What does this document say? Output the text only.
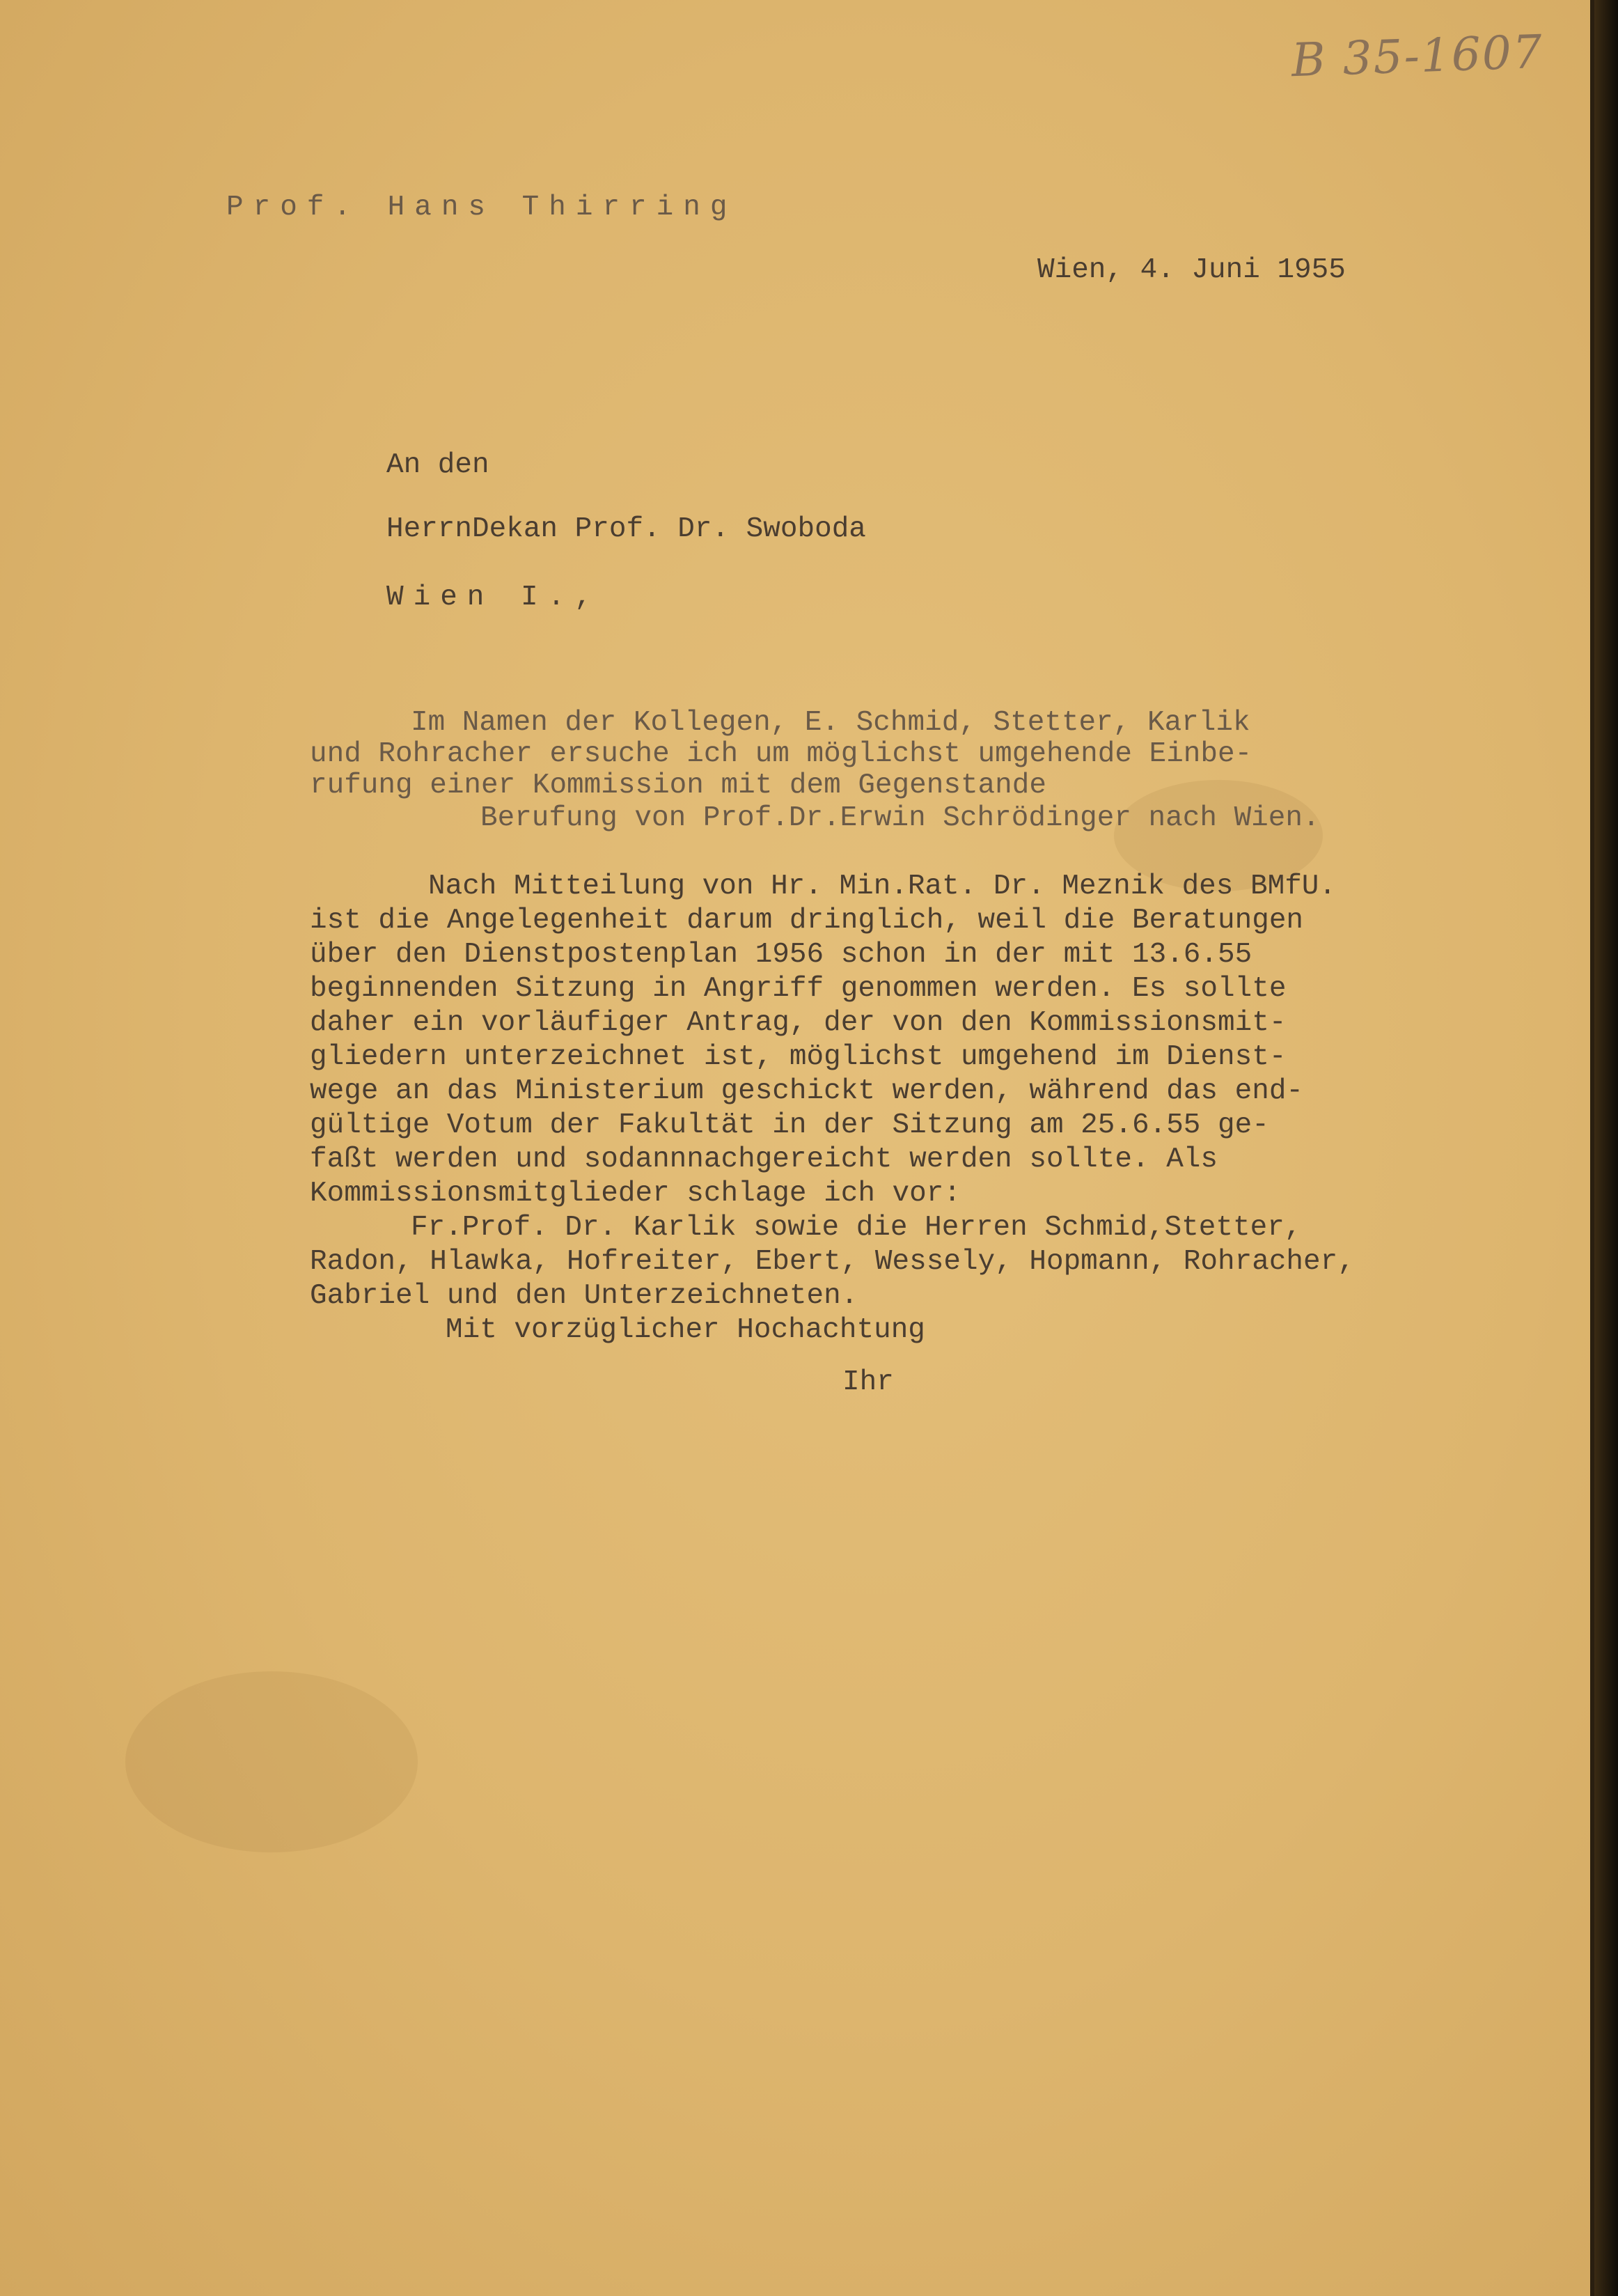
B 35-1607
Prof. Hans Thirring
Wien, 4. Juni 1955
An den
HerrnDekan Prof. Dr. Swoboda
Wien I.,
Im Namen der Kollegen, E. Schmid, Stetter, Karlik
und Rohracher ersuche ich um möglichst umgehende Einbe-
rufung einer Kommission mit dem Gegenstande
Berufung von Prof.Dr.Erwin Schrödinger nach Wien.
Nach Mitteilung von Hr. Min.Rat. Dr. Meznik des BMfU.
ist die Angelegenheit darum dringlich, weil die Beratungen
über den Dienstpostenplan 1956 schon in der mit 13.6.55
beginnenden Sitzung in Angriff genommen werden. Es sollte
daher ein vorläufiger Antrag, der von den Kommissionsmit-
gliedern unterzeichnet ist, möglichst umgehend im Dienst-
wege an das Ministerium geschickt werden, während das end-
gültige Votum der Fakultät in der Sitzung am 25.6.55 ge-
faßt werden und sodannnachgereicht werden sollte. Als
Kommissionsmitglieder schlage ich vor:
Fr.Prof. Dr. Karlik sowie die Herren Schmid,Stetter,
Radon, Hlawka, Hofreiter, Ebert, Wessely, Hopmann, Rohracher,
Gabriel und den Unterzeichneten.
Mit vorzüglicher Hochachtung
Ihr
